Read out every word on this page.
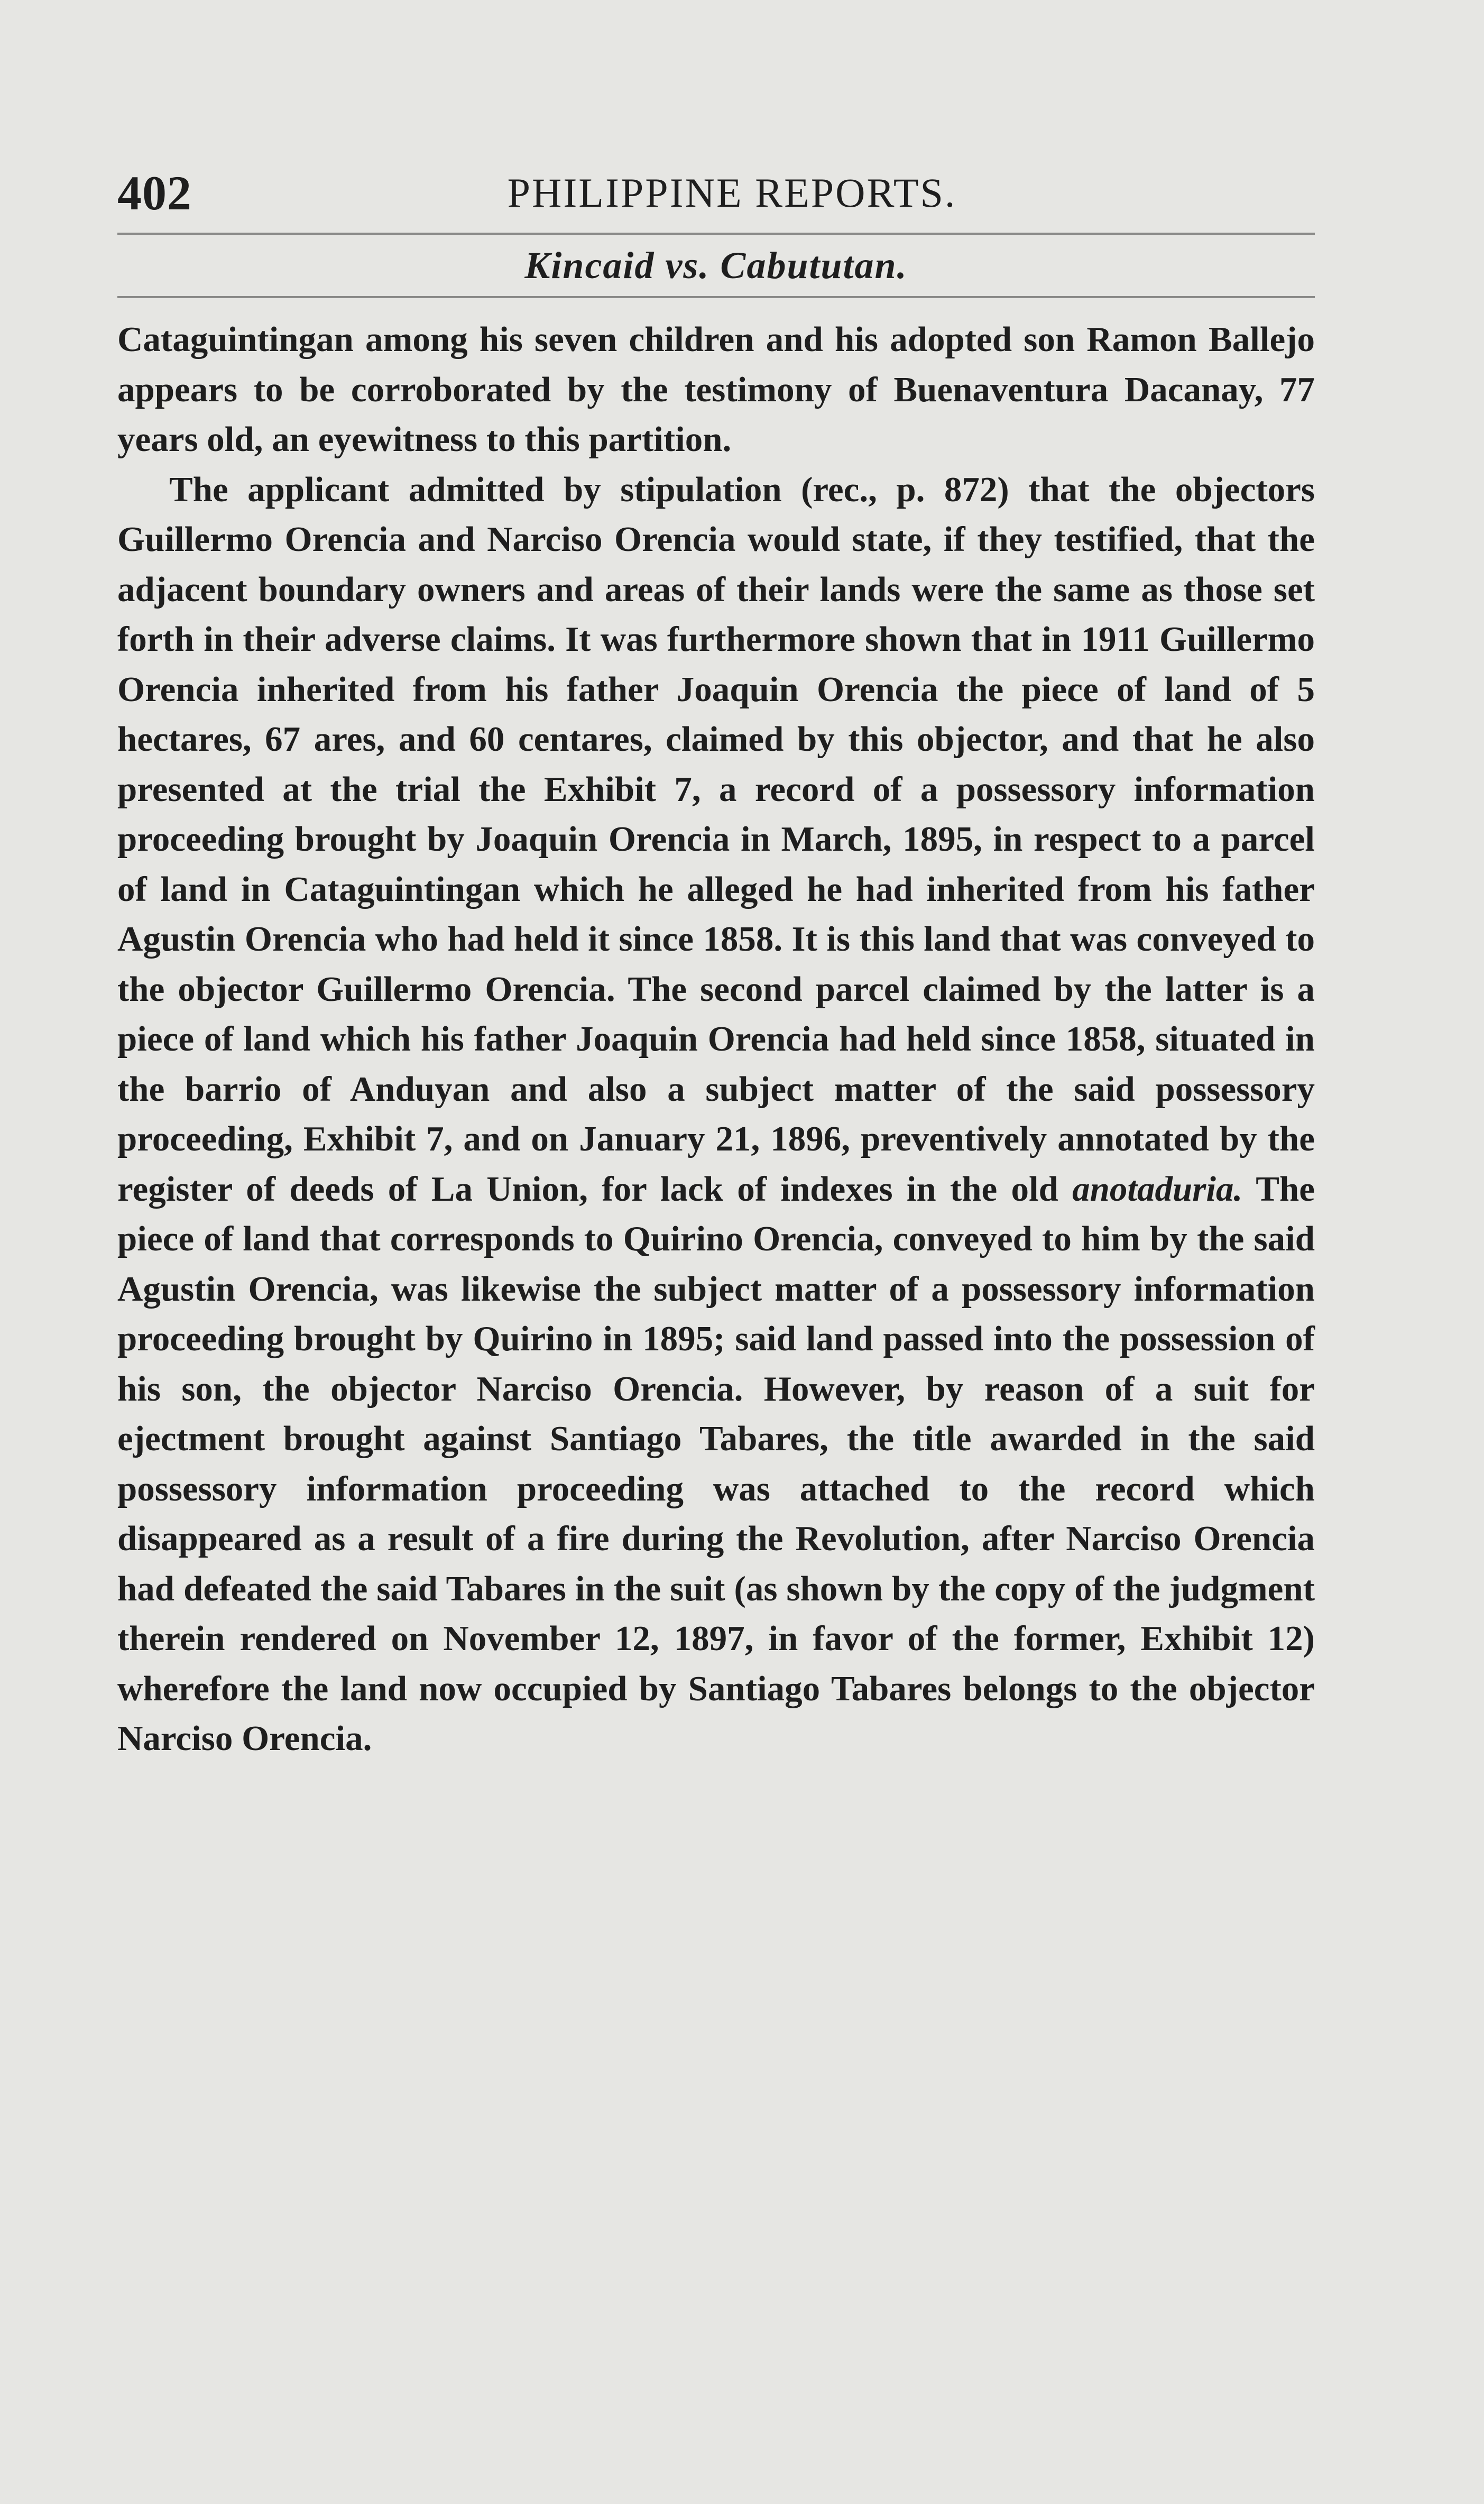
402	PHILIPPINE REPORTS.
Kincaid vs. Cabututan.

Cataguintingan among his seven children and his adopted son Ramon Ballejo appears to be corroborated by the testimony of Buenaventura Dacanay, 77 years old, an eyewitness to this partition.

The applicant admitted by stipulation (rec., p. 872) that the objectors Guillermo Orencia and Narciso Orencia would state, if they testified, that the adjacent boundary owners and areas of their lands were the same as those set forth in their adverse claims. It was furthermore shown that in 1911 Guillermo Orencia inherited from his father Joaquin Orencia the piece of land of 5 hectares, 67 ares, and 60 centares, claimed by this objector, and that he also presented at the trial the Exhibit 7, a record of a possessory information proceeding brought by Joaquin Orencia in March, 1895, in respect to a parcel of land in Cataguintingan which he alleged he had inherited from his father Agustin Orencia who had held it since 1858. It is this land that was conveyed to the objector Guillermo Orencia. The second parcel claimed by the latter is a piece of land which his father Joaquin Orencia had held since 1858, situated in the barrio of Anduyan and also a subject matter of the said possessory proceeding, Exhibit 7, and on January 21, 1896, preventively annotated by the register of deeds of La Union, for lack of indexes in the old anotaduria. The piece of land that corresponds to Quirino Orencia, conveyed to him by the said Agustin Orencia, was likewise the subject matter of a possessory information proceeding brought by Quirino in 1895; said land passed into the possession of his son, the objector Narciso Orencia. However, by reason of a suit for ejectment brought against Santiago Tabares, the title awarded in the said possessory information proceeding was attached to the record which disappeared as a result of a fire during the Revolution, after Narciso Orencia had defeated the said Tabares in the suit (as shown by the copy of the judgment therein rendered on November 12, 1897, in favor of the former, Exhibit 12) wherefore the land now occupied by Santiago Tabares belongs to the objector Narciso Orencia.
